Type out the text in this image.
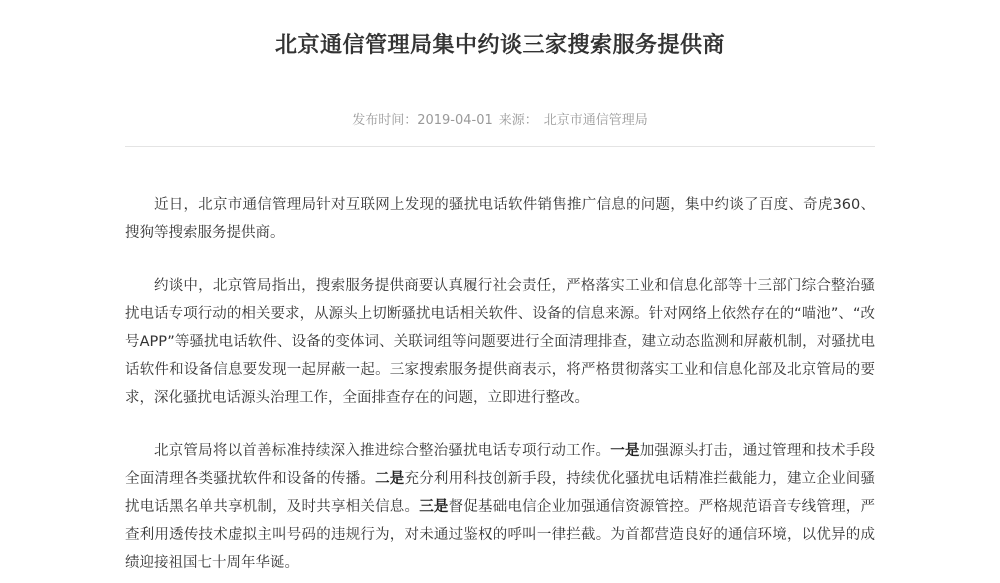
北京通信管理局集中约谈三家搜索服务提供商
发布时间：2019-04-01 来源： 北京市通信管理局

近日，北京市通信管理局针对互联网上发现的骚扰电话软件销售推广信息的问题，集中约谈了百度、奇虎360、搜狗等搜索服务提供商。

约谈中，北京管局指出，搜索服务提供商要认真履行社会责任，严格落实工业和信息化部等十三部门综合整治骚扰电话专项行动的相关要求，从源头上切断骚扰电话相关软件、设备的信息来源。针对网络上依然存在的“喵池”、“改号APP”等骚扰电话软件、设备的变体词、关联词组等问题要进行全面清理排查，建立动态监测和屏蔽机制，对骚扰电话软件和设备信息要发现一起屏蔽一起。三家搜索服务提供商表示，将严格贯彻落实工业和信息化部及北京管局的要求，深化骚扰电话源头治理工作，全面排查存在的问题，立即进行整改。

北京管局将以首善标准持续深入推进综合整治骚扰电话专项行动工作。一是加强源头打击，通过管理和技术手段全面清理各类骚扰软件和设备的传播。二是充分利用科技创新手段，持续优化骚扰电话精准拦截能力，建立企业间骚扰电话黑名单共享机制，及时共享相关信息。三是督促基础电信企业加强通信资源管控。严格规范语音专线管理，严查利用透传技术虚拟主叫号码的违规行为，对未通过鉴权的呼叫一律拦截。为首都营造良好的通信环境，以优异的成绩迎接祖国七十周年华诞。
